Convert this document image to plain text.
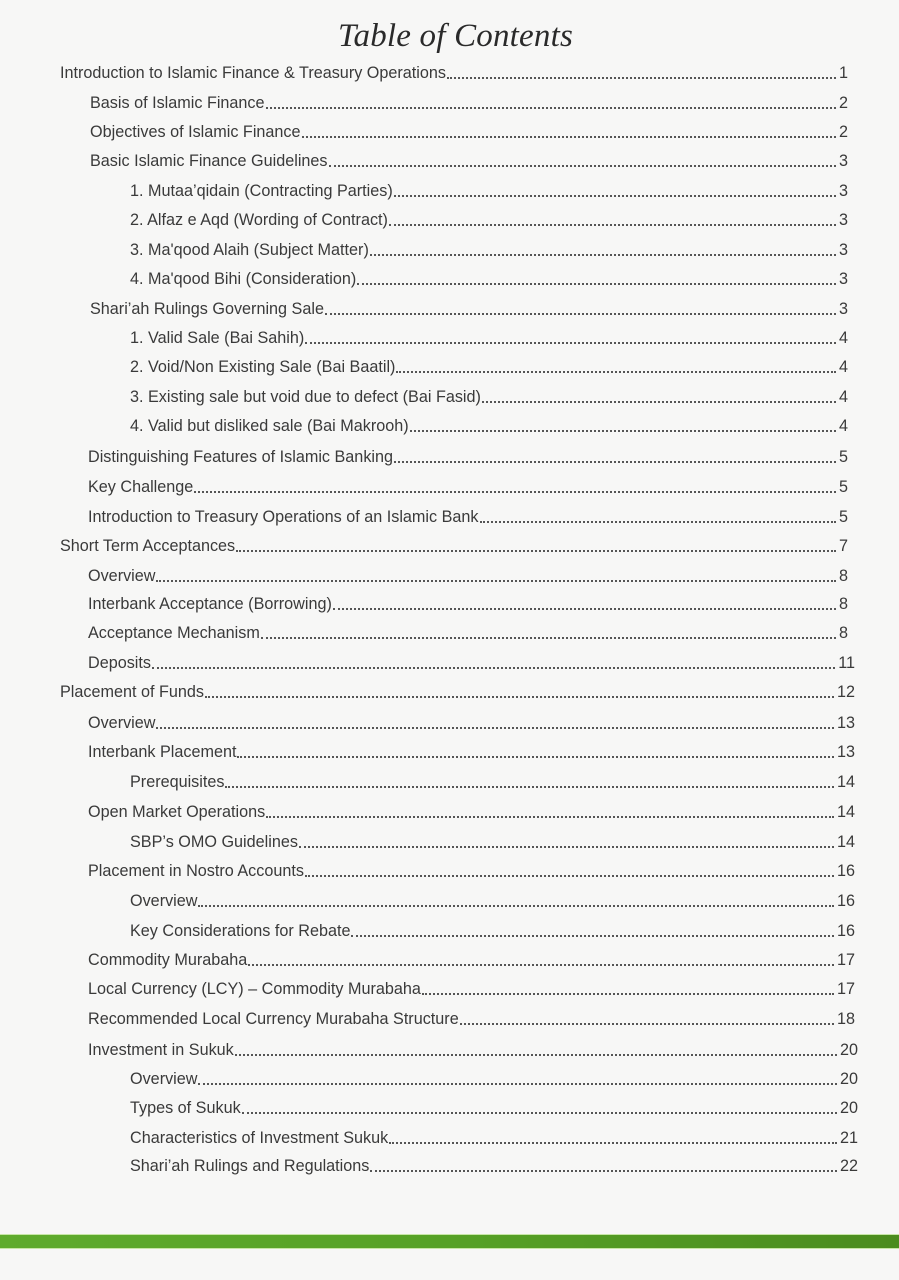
Table of Contents
Introduction to Islamic Finance & Treasury Operations	1
Basis of Islamic Finance	2
Objectives of Islamic Finance	2
Basic Islamic Finance Guidelines	3
1. Mutaa’qidain (Contracting Parties)	3
2. Alfaz e Aqd (Wording of Contract)	3
3. Ma'qood Alaih (Subject Matter)	3
4. Ma'qood Bihi (Consideration)	3
Shari’ah Rulings Governing Sale	3
1. Valid Sale (Bai Sahih)	4
2. Void/Non Existing Sale (Bai Baatil)	4
3. Existing sale but void due to defect (Bai Fasid)	4
4. Valid but disliked sale (Bai Makrooh)	4
Distinguishing Features of Islamic Banking	5
Key Challenge	5
Introduction to Treasury Operations of an Islamic Bank	5
Short Term Acceptances	7
Overview	8
Interbank Acceptance (Borrowing)	8
Acceptance Mechanism	8
Deposits	11
Placement of Funds	12
Overview	13
Interbank Placement	13
Prerequisites	14
Open Market Operations	14
SBP’s OMO Guidelines	14
Placement in Nostro Accounts	16
Overview	16
Key Considerations for Rebate	16
Commodity Murabaha	17
Local Currency (LCY) – Commodity Murabaha	17
Recommended Local Currency Murabaha Structure	18
Investment in Sukuk	20
Overview	20
Types of Sukuk	20
Characteristics of Investment Sukuk	21
Shari’ah Rulings and Regulations	22
